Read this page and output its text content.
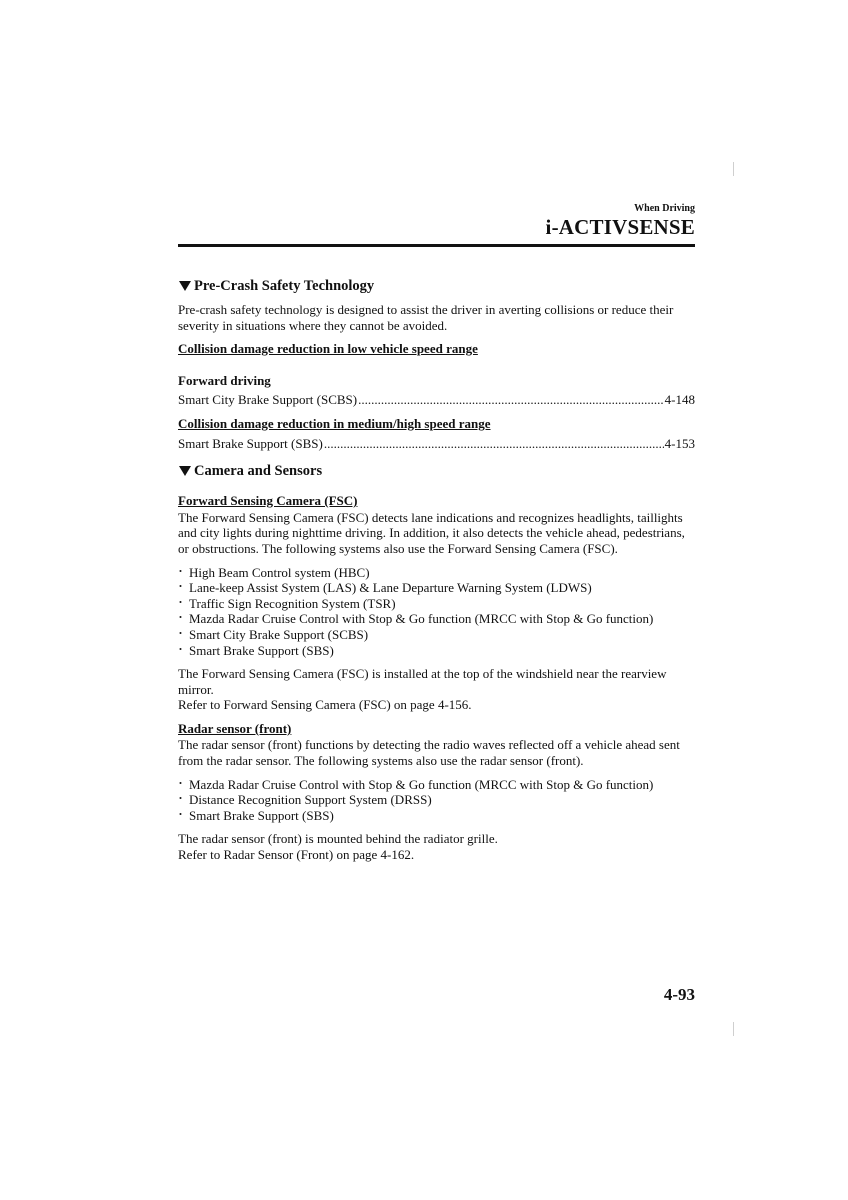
When Driving
i-ACTIVSENSE
Pre-Crash Safety Technology

Pre-crash safety technology is designed to assist the driver in averting collisions or reduce their severity in situations where they cannot be avoided.

Collision damage reduction in low vehicle speed range
Forward driving
Smart City Brake Support (SCBS) .....	4-148
Collision damage reduction in medium/high speed range
Smart Brake Support (SBS) .....	4-153
Camera and Sensors
Forward Sensing Camera (FSC)

The Forward Sensing Camera (FSC) detects lane indications and recognizes headlights, taillights and city lights during nighttime driving. In addition, it also detects the vehicle ahead, pedestrians, or obstructions. The following systems also use the Forward Sensing Camera (FSC).

・ High Beam Control system (HBC)
・ Lane-keep Assist System (LAS) & Lane Departure Warning System (LDWS)
・ Traffic Sign Recognition System (TSR)
・ Mazda Radar Cruise Control with Stop & Go function (MRCC with Stop & Go function)
・ Smart City Brake Support (SCBS)
・ Smart Brake Support (SBS)

The Forward Sensing Camera (FSC) is installed at the top of the windshield near the rearview mirror.

Refer to Forward Sensing Camera (FSC) on page 4-156.

Radar sensor (front)

The radar sensor (front) functions by detecting the radio waves reflected off a vehicle ahead sent from the radar sensor. The following systems also use the radar sensor (front).

・ Mazda Radar Cruise Control with Stop & Go function (MRCC with Stop & Go function)
・ Distance Recognition Support System (DRSS)
・ Smart Brake Support (SBS)

The radar sensor (front) is mounted behind the radiator grille.

Refer to Radar Sensor (Front) on page 4-162.

4-93
